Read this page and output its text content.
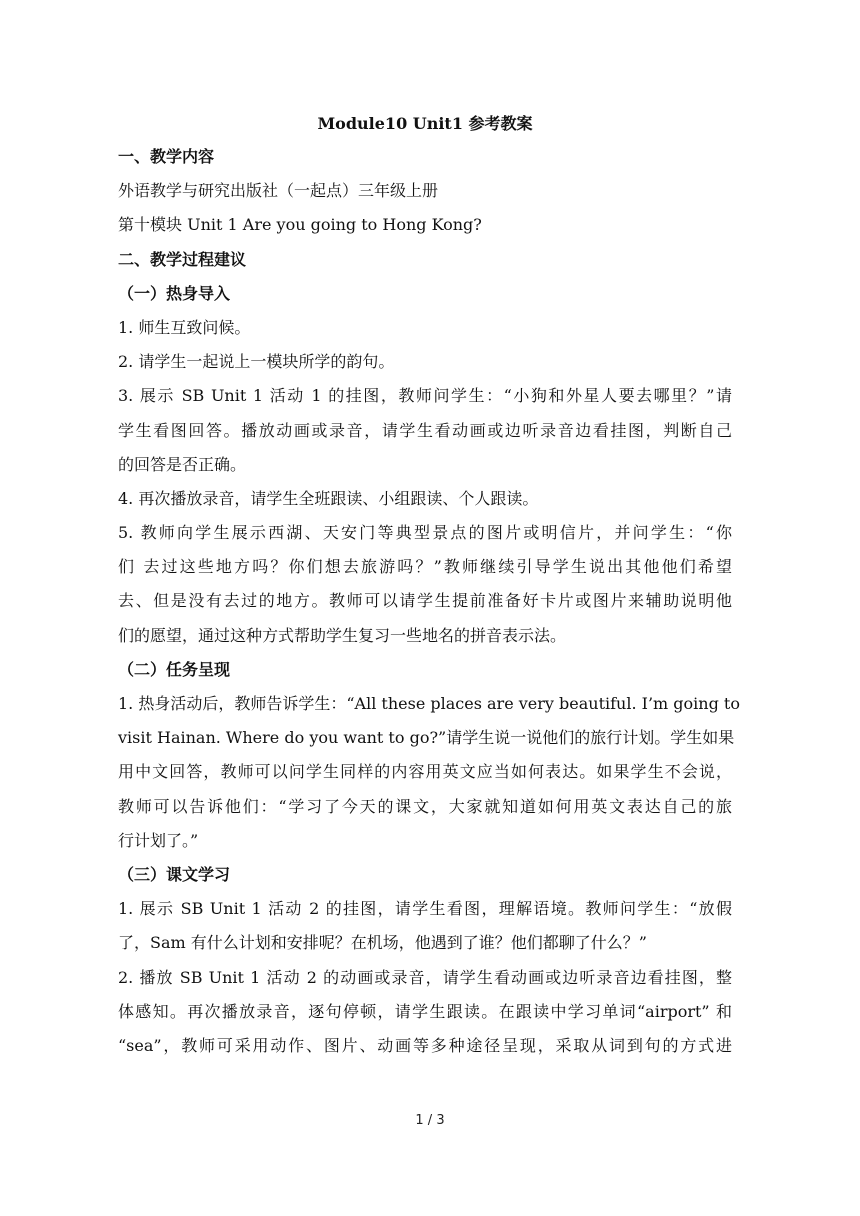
Module10 Unit1 参考教案
一、教学内容
外语教学与研究出版社（一起点）三年级上册
第十模块 Unit 1 Are you going to Hong Kong?
二、教学过程建议
（一）热身导入
1. 师生互致问候。
2. 请学生一起说上一模块所学的韵句。
3. 展示 SB Unit 1 活动 1 的挂图，教师问学生：“小狗和外星人要去哪里？”请
学生看图回答。播放动画或录音，请学生看动画或边听录音边看挂图，判断自己
的回答是否正确。
4. 再次播放录音，请学生全班跟读、小组跟读、个人跟读。
5. 教师向学生展示西湖、天安门等典型景点的图片或明信片，并问学生：“你
们 去过这些地方吗？你们想去旅游吗？”教师继续引导学生说出其他他们希望
去、但是没有去过的地方。教师可以请学生提前准备好卡片或图片来辅助说明他
们的愿望，通过这种方式帮助学生复习一些地名的拼音表示法。
（二）任务呈现
1. 热身活动后，教师告诉学生：“All these places are very beautiful. I’m going to
visit Hainan. Where do you want to go?”请学生说一说他们的旅行计划。学生如果
用中文回答，教师可以问学生同样的内容用英文应当如何表达。如果学生不会说，
教师可以告诉他们：“学习了今天的课文，大家就知道如何用英文表达自己的旅
行计划了。”
（三）课文学习
1. 展示 SB Unit 1 活动 2 的挂图，请学生看图，理解语境。教师问学生：“放假
了，Sam 有什么计划和安排呢？在机场，他遇到了谁？他们都聊了什么？”
2. 播放 SB Unit 1 活动 2 的动画或录音，请学生看动画或边听录音边看挂图，整
体感知。再次播放录音，逐句停顿，请学生跟读。在跟读中学习单词“airport” 和
“sea”，教师可采用动作、图片、动画等多种途径呈现，采取从词到句的方式进
1 / 3
